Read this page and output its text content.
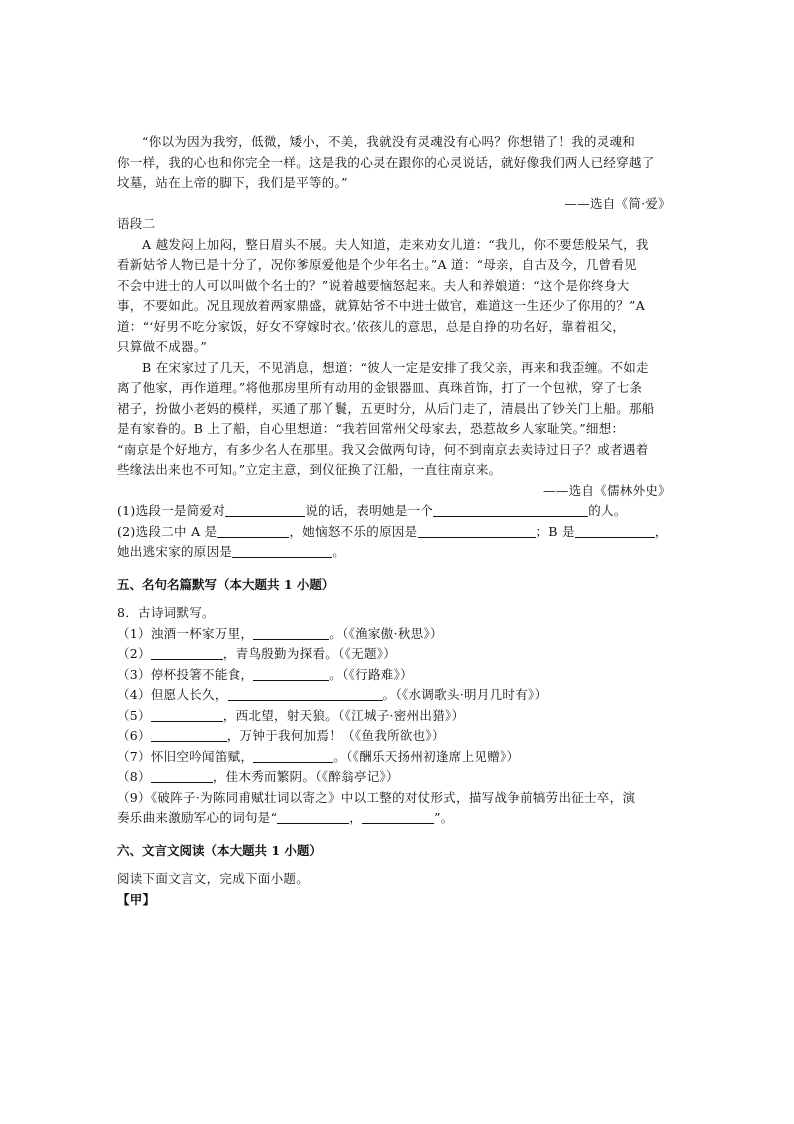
“你以为因为我穷，低微，矮小，不美，我就没有灵魂没有心吗？你想错了！我的灵魂和
你一样，我的心也和你完全一样。这是我的心灵在跟你的心灵说话，就好像我们两人已经穿越了
坟墓，站在上帝的脚下，我们是平等的。”
——选自《简·爱》
语段二
A 越发闷上加闷，整日眉头不展。夫人知道，走来劝女儿道：“我儿，你不要恁般呆气，我
看新姑爷人物已是十分了，况你爹原爱他是个少年名士。”A 道：“母亲，自古及今，几曾看见
不会中进士的人可以叫做个名士的？”说着越要恼怒起来。夫人和养娘道：“这个是你终身大
事，不要如此。况且现放着两家鼎盛，就算姑爷不中进士做官，难道这一生还少了你用的？”A
道：“‘好男不吃分家饭，好女不穿嫁时衣。’依孩儿的意思，总是自挣的功名好，靠着祖父，
只算做不成器。”
B 在宋家过了几天，不见消息，想道：“彼人一定是安排了我父亲，再来和我歪缠。不如走
离了他家，再作道理。”将他那房里所有动用的金银器皿、真珠首饰，打了一个包袱，穿了七条
裙子，扮做小老妈的模样，买通了那丫鬟，五更时分，从后门走了，清晨出了钞关门上船。那船
是有家眷的。B 上了船，自心里想道：“我若回常州父母家去，恐惹故乡人家耻笑。”细想：
“南京是个好地方，有多少名人在那里。我又会做两句诗，何不到南京去卖诗过日子？或者遇着
些缘法出来也不可知。”立定主意，到仪征换了江船，一直往南京来。
——选自《儒林外史》
(1)选段一是简爱对	说的话，表明她是一个	的人。
(2)选段二中 A 是	，她恼怒不乐的原因是	；B 是	，
她出逃宋家的原因是	。
五、名句名篇默写（本大题共 1 小题）
8．古诗词默写。
（1）浊酒一杯家万里，	。（《渔家傲·秋思》）
（2）	，青鸟殷勤为探看。（《无题》）
（3）停杯投箸不能食，	。（《行路难》）
（4）但愿人长久，	。（《水调歌头·明月几时有》）
（5）	，西北望，射天狼。（《江城子·密州出猎》）
（6）	，万钟于我何加焉！（《鱼我所欲也》）
（7）怀旧空吟闻笛赋，	。（《酬乐天扬州初逢席上见赠》）
（8）	，佳木秀而繁阴。（《醉翁亭记》）
（9）《破阵子·为陈同甫赋壮词以寄之》中以工整的对仗形式，描写战争前犒劳出征士卒，演
奏乐曲来激励军心的词句是“	，	”。
六、文言文阅读（本大题共 1 小题）
阅读下面文言文，完成下面小题。
【甲】
